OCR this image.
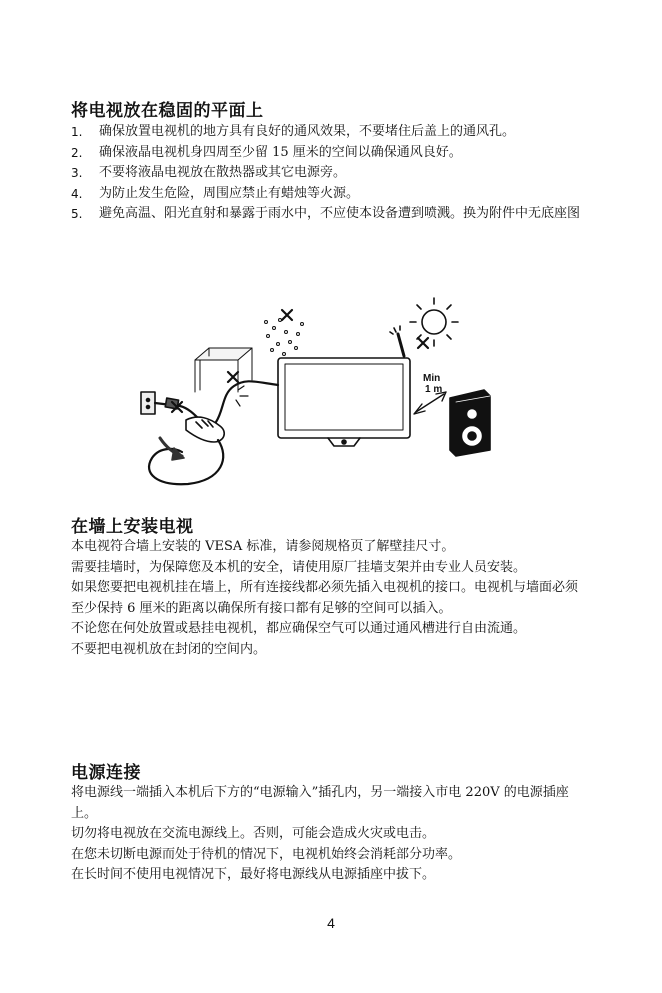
将电视放在稳固的平面上
1. 确保放置电视机的地方具有良好的通风效果，不要堵住后盖上的通风孔。
2. 确保液晶电视机身四周至少留 15 厘米的空间以确保通风良好。
3. 不要将液晶电视放在散热器或其它电源旁。
4. 为防止发生危险，周围应禁止有蜡烛等火源。
5. 避免高温、阳光直射和暴露于雨水中，不应使本设备遭到喷溅。换为附件中无底座图
Min
1 m
在墙上安装电视

本电视符合墙上安装的 VESA 标准，请参阅规格页了解壁挂尺寸。

需要挂墙时，为保障您及本机的安全，请使用原厂挂墙支架并由专业人员安装。

如果您要把电视机挂在墙上，所有连接线都必须先插入电视机的接口。电视机与墙面必须至少保持 6 厘米的距离以确保所有接口都有足够的空间可以插入。

不论您在何处放置或悬挂电视机，都应确保空气可以通过通风槽进行自由流通。

不要把电视机放在封闭的空间内。

电源连接

将电源线一端插入本机后下方的“电源输入”插孔内，另一端接入市电 220V 的电源插座上。

切勿将电视放在交流电源线上。否则，可能会造成火灾或电击。

在您未切断电源而处于待机的情况下，电视机始终会消耗部分功率。

在长时间不使用电视情况下，最好将电源线从电源插座中拔下。

4
